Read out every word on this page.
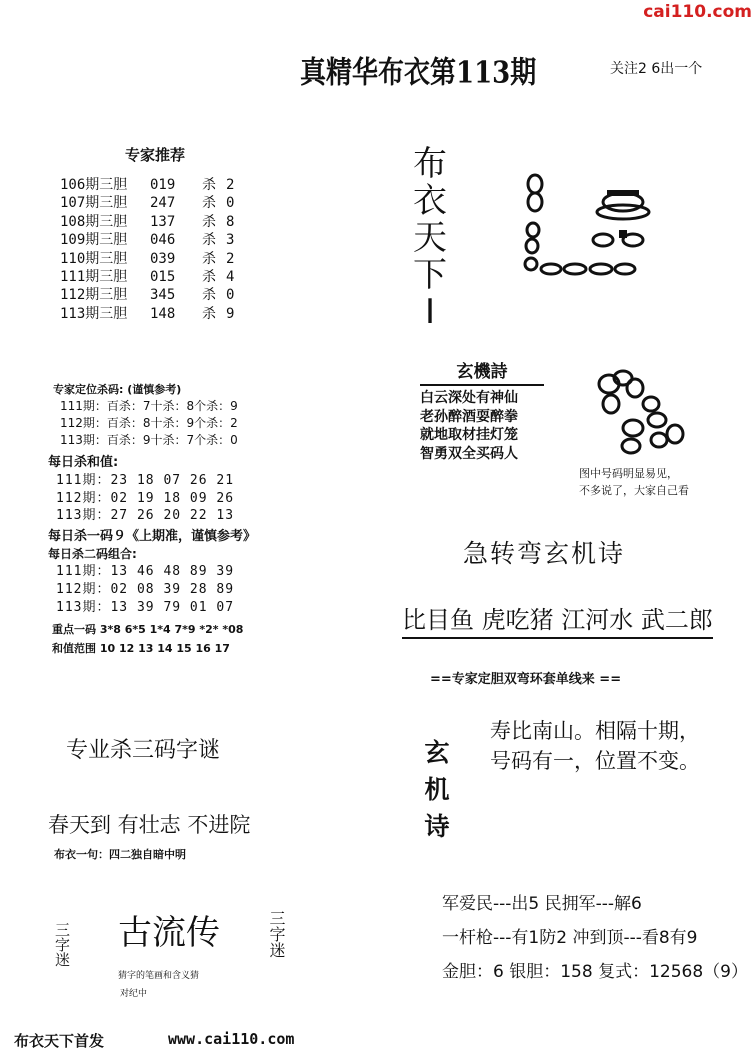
cai110.com
真精华布衣第113期	关注2 6出一个
专家推荐
106期三胆 019 杀 2
107期三胆 247 杀 0
108期三胆 137 杀 8
109期三胆 046 杀 3
110期三胆 039 杀 2
111期三胆 015 杀 4
112期三胆 345 杀 0
113期三胆 148 杀 9
专家定位杀码: (谨慎参考)
111期：百杀：7十杀：8个杀：9
112期：百杀：8十杀：9个杀：2
113期：百杀：9十杀：7个杀：0
每日杀和值:
111期：23 18 07 26 21
112期：02 19 18 09 26
113期：27 26 20 22 13
每日杀一码９《上期准，谨慎参考》
每日杀二码组合:
111期：13 46 48 89 39
112期：02 08 39 28 89
113期：13 39 79 01 07
重点一码 3*8 6*5 1*4 7*9 *2* *08
和值范围 10 12 13 14 15 16 17
专业杀三码字谜
春天到 有壮志 不进院
布衣一句：四二独自暗中明
三字迷	三字迷
古流传
猜字的笔画和含义猜
对纪中
布衣天下首发	www.cai110.com
布
衣
天
下
I
玄機詩
白云深处有神仙
老孙醉酒耍醉拳
就地取材挂灯笼
智勇双全买码人
图中号码明显易见，
不多说了，大家自己看
急转弯玄机诗
比目鱼 虎吃猪 江河水 武二郎
==专家定胆双弯环套单线来 ==
玄
机
诗
寿比南山。相隔十期，
号码有一，位置不变。
军爱民---出5 民拥军---解6
一杆枪---有1防2 冲到顶---看8有9
金胆：6 银胆：158 复式：12568（9）
